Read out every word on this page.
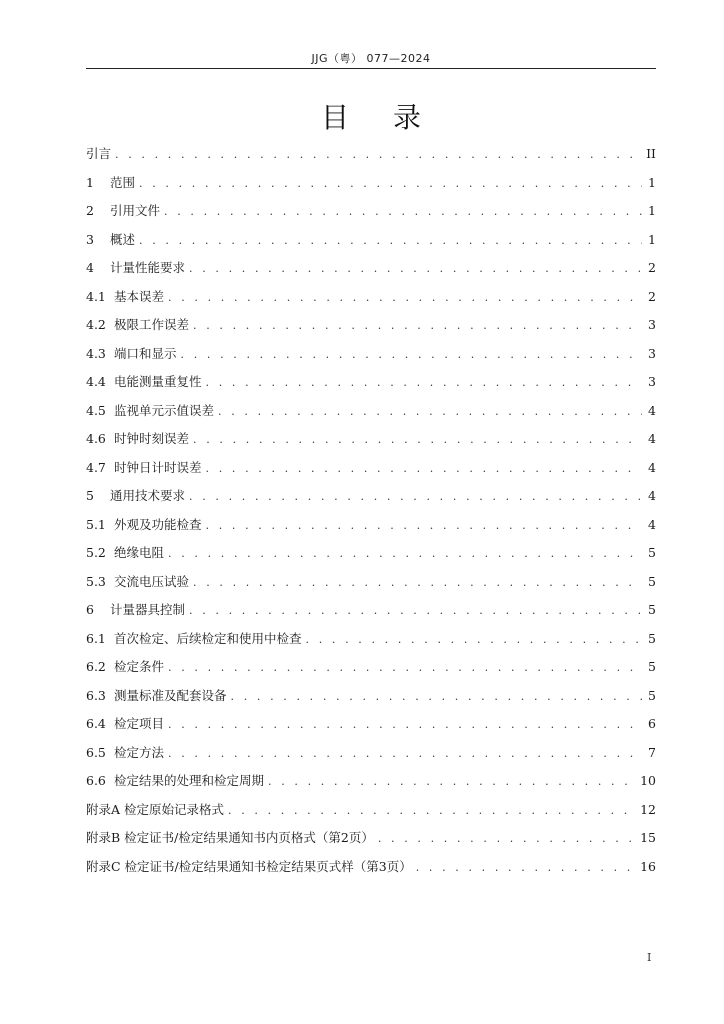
JJG（粤） 077—2024
目 录
引言 . . .	II
1 范围 . . .	1
2 引用文件 . . .	1
3 概述 . . .	1
4 计量性能要求 . . .	2
4.1 基本误差 . . .	2
4.2 极限工作误差 . . .	3
4.3 端口和显示 . . .	3
4.4 电能测量重复性 . . .	3
4.5 监视单元示值误差 . . .	4
4.6 时钟时刻误差 . . .	4
4.7 时钟日计时误差 . . .	4
5 通用技术要求 . . .	4
5.1 外观及功能检查 . . .	4
5.2 绝缘电阻 . . .	5
5.3 交流电压试验 . . .	5
6 计量器具控制 . . .	5
6.1 首次检定、后续检定和使用中检查 . . .	5
6.2 检定条件 . . .	5
6.3 测量标准及配套设备 . . .	5
6.4 检定项目 . . .	6
6.5 检定方法 . . .	7
6.6 检定结果的处理和检定周期 . . .	10
附录A 检定原始记录格式 . . .	12
附录B 检定证书/检定结果通知书内页格式（第2页） . . .	15
附录C 检定证书/检定结果通知书检定结果页式样（第3页） . . .	16
I
